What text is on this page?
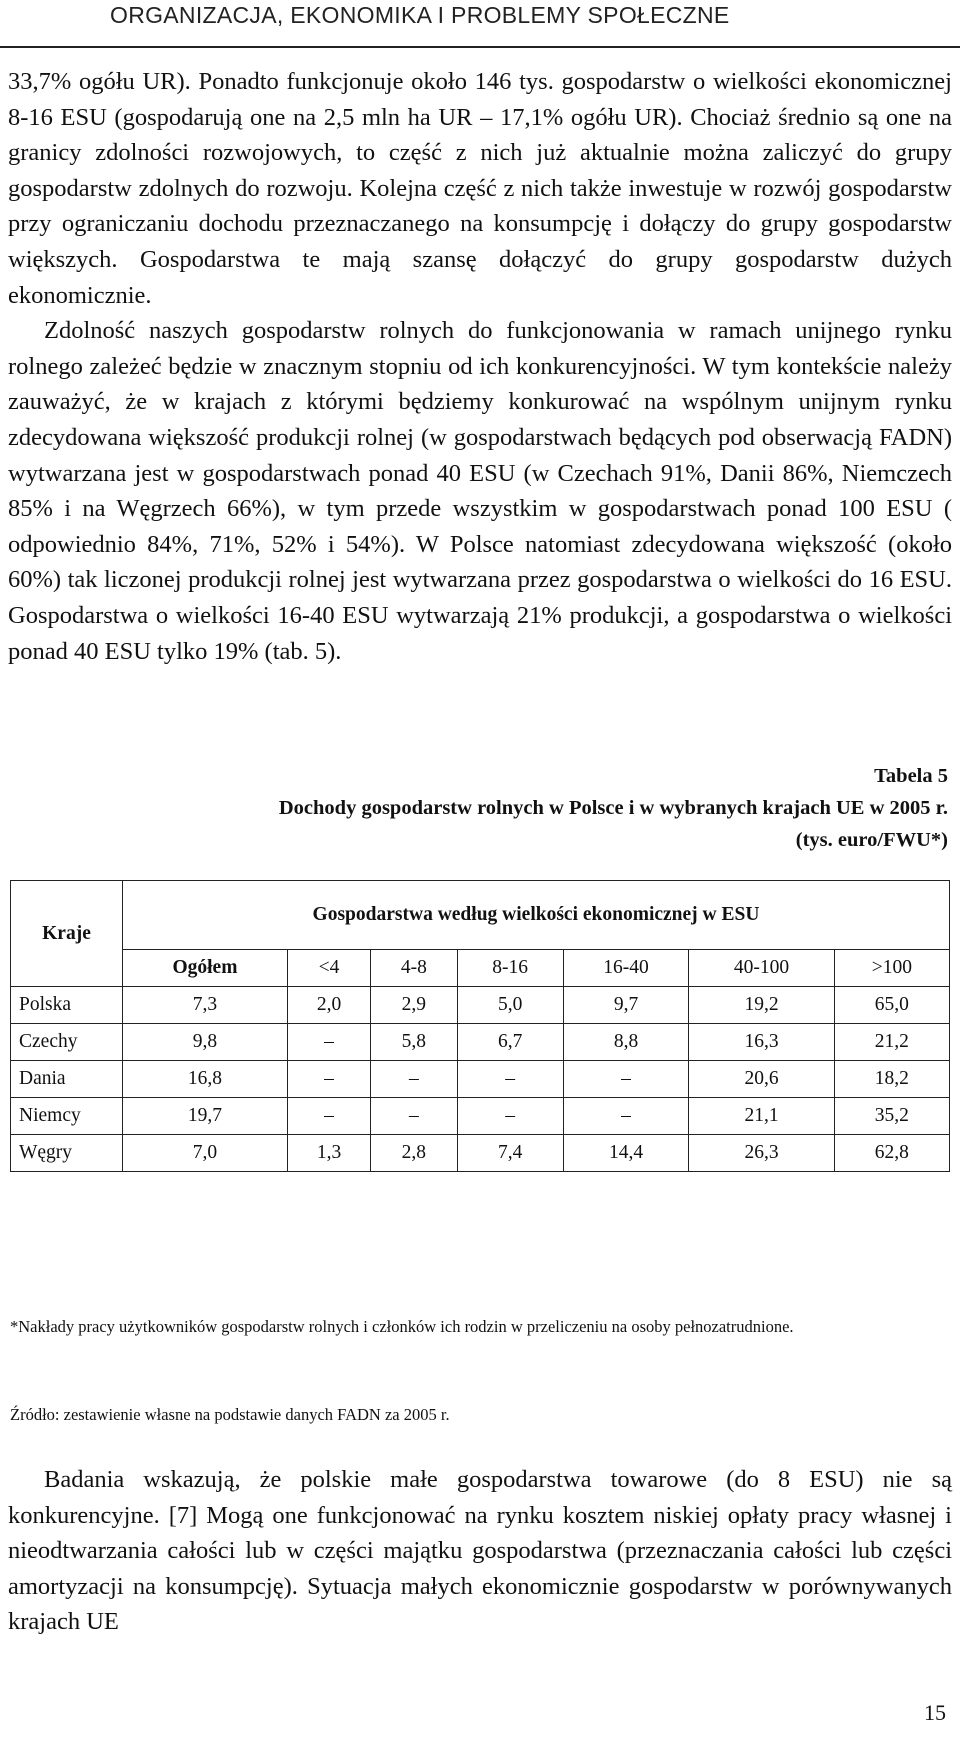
ORGANIZACJA, EKONOMIKA I PROBLEMY SPOŁECZNE

33,7% ogółu UR). Ponadto funkcjonuje około 146 tys. gospodarstw o wielkości ekonomicznej 8-16 ESU (gospodarują one na 2,5 mln ha UR – 17,1% ogółu UR). Chociaż średnio są one na granicy zdolności rozwojowych, to część z nich już aktualnie można zaliczyć do grupy gospodarstw zdolnych do rozwoju. Kolejna część z nich także inwestuje w rozwój gospodarstw przy ograniczaniu dochodu przeznaczanego na konsumpcję i dołączy do grupy gospodarstw większych. Gospodarstwa te mają szansę dołączyć do grupy gospodarstw dużych ekonomicznie.

Zdolność naszych gospodarstw rolnych do funkcjonowania w ramach unijnego rynku rolnego zależeć będzie w znacznym stopniu od ich konkurencyjności. W tym kontekście należy zauważyć, że w krajach z którymi będziemy konkurować na wspólnym unijnym rynku zdecydowana większość produkcji rolnej (w gospodarstwach będących pod obserwacją FADN) wytwarzana jest w gospodarstwach ponad 40 ESU (w Czechach 91%, Danii 86%, Niemczech 85% i na Węgrzech 66%), w tym przede wszystkim w gospodarstwach ponad 100 ESU ( odpowiednio 84%, 71%, 52% i 54%). W Polsce natomiast zdecydowana większość (około 60%) tak liczonej produkcji rolnej jest wytwarzana przez gospodarstwa o wielkości do 16 ESU. Gospodarstwa o wielkości 16-40 ESU wytwarzają 21% produkcji, a gospodarstwa o wielkości ponad 40 ESU tylko 19% (tab. 5).

Tabela 5
Dochody gospodarstw rolnych w Polsce i w wybranych krajach UE w 2005 r.
(tys. euro/FWU*)
Kraje	Gospodarstwa według wielkości ekonomicznej w ESU						
	Ogółem	<4	4-8	8-16	16-40	40-100	>100
Polska	7,3	2,0	2,9	5,0	9,7	19,2	65,0
Czechy	9,8	–	5,8	6,7	8,8	16,3	21,2
Dania	16,8	–	–	–	–	20,6	18,2
Niemcy	19,7	–	–	–	–	21,1	35,2
Węgry	7,0	1,3	2,8	7,4	14,4	26,3	62,8
*Nakłady pracy użytkowników gospodarstw rolnych i członków ich rodzin w przeliczeniu na osoby pełnozatrudnione.
Źródło: zestawienie własne na podstawie danych FADN za 2005 r.

Badania wskazują, że polskie małe gospodarstwa towarowe (do 8 ESU) nie są konkurencyjne. [7] Mogą one funkcjonować na rynku kosztem niskiej opłaty pracy własnej i nieodtwarzania całości lub w części majątku gospodarstwa (przeznaczania całości lub części amortyzacji na konsumpcję). Sytuacja małych ekonomicznie gospodarstw w porównywanych krajach UE

15
